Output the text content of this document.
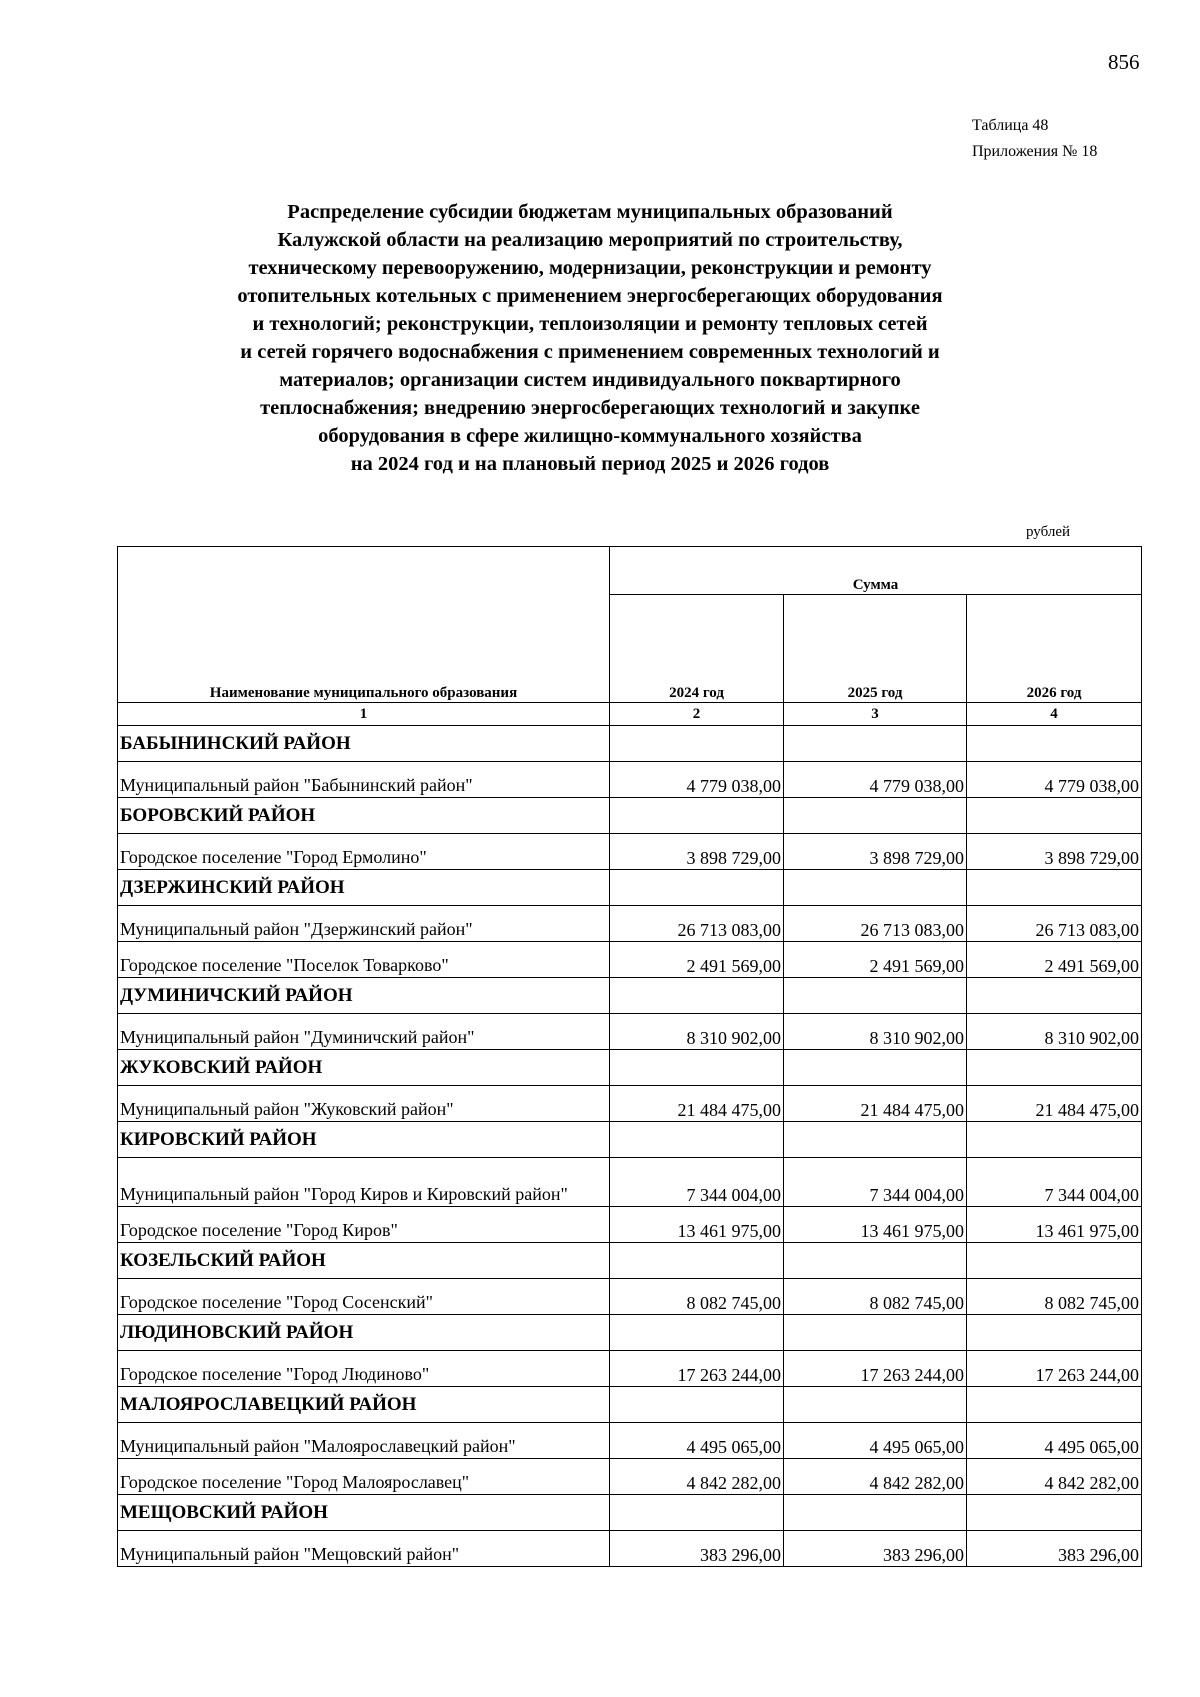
856
Таблица 48
Приложения № 18
Распределение субсидии бюджетам муниципальных образований
Калужской области на реализацию мероприятий по строительству,
техническому перевооружению, модернизации, реконструкции и ремонту
отопительных котельных с применением энергосберегающих оборудования
и технологий; реконструкции, теплоизоляции и ремонту тепловых сетей
и сетей горячего водоснабжения с применением современных технологий и
материалов; организации систем индивидуального поквартирного
теплоснабжения; внедрению энергосберегающих технологий и закупке
оборудования в сфере жилищно-коммунального хозяйства
на 2024 год и на плановый период 2025 и 2026 годов
рублей
Наименование муниципального образования	Сумма		
	2024 год	2025 год	2026 год
1	2	3	4
БАБЫНИНСКИЙ РАЙОН			
Муниципальный район "Бабынинский район"	4 779 038,00	4 779 038,00	4 779 038,00
БОРОВСКИЙ РАЙОН			
Городское поселение "Город Ермолино"	3 898 729,00	3 898 729,00	3 898 729,00
ДЗЕРЖИНСКИЙ РАЙОН			
Муниципальный район "Дзержинский район"	26 713 083,00	26 713 083,00	26 713 083,00
Городское поселение "Поселок Товарково"	2 491 569,00	2 491 569,00	2 491 569,00
ДУМИНИЧСКИЙ РАЙОН			
Муниципальный район "Думиничский район"	8 310 902,00	8 310 902,00	8 310 902,00
ЖУКОВСКИЙ РАЙОН			
Муниципальный район "Жуковский район"	21 484 475,00	21 484 475,00	21 484 475,00
КИРОВСКИЙ РАЙОН			
Муниципальный район "Город Киров и Кировский район"	7 344 004,00	7 344 004,00	7 344 004,00
Городское поселение "Город Киров"	13 461 975,00	13 461 975,00	13 461 975,00
КОЗЕЛЬСКИЙ РАЙОН			
Городское поселение "Город Сосенский"	8 082 745,00	8 082 745,00	8 082 745,00
ЛЮДИНОВСКИЙ РАЙОН			
Городское поселение "Город Людиново"	17 263 244,00	17 263 244,00	17 263 244,00
МАЛОЯРОСЛАВЕЦКИЙ РАЙОН			
Муниципальный район "Малоярославецкий район"	4 495 065,00	4 495 065,00	4 495 065,00
Городское поселение "Город Малоярославец"	4 842 282,00	4 842 282,00	4 842 282,00
МЕЩОВСКИЙ РАЙОН			
Муниципальный район "Мещовский район"	383 296,00	383 296,00	383 296,00
